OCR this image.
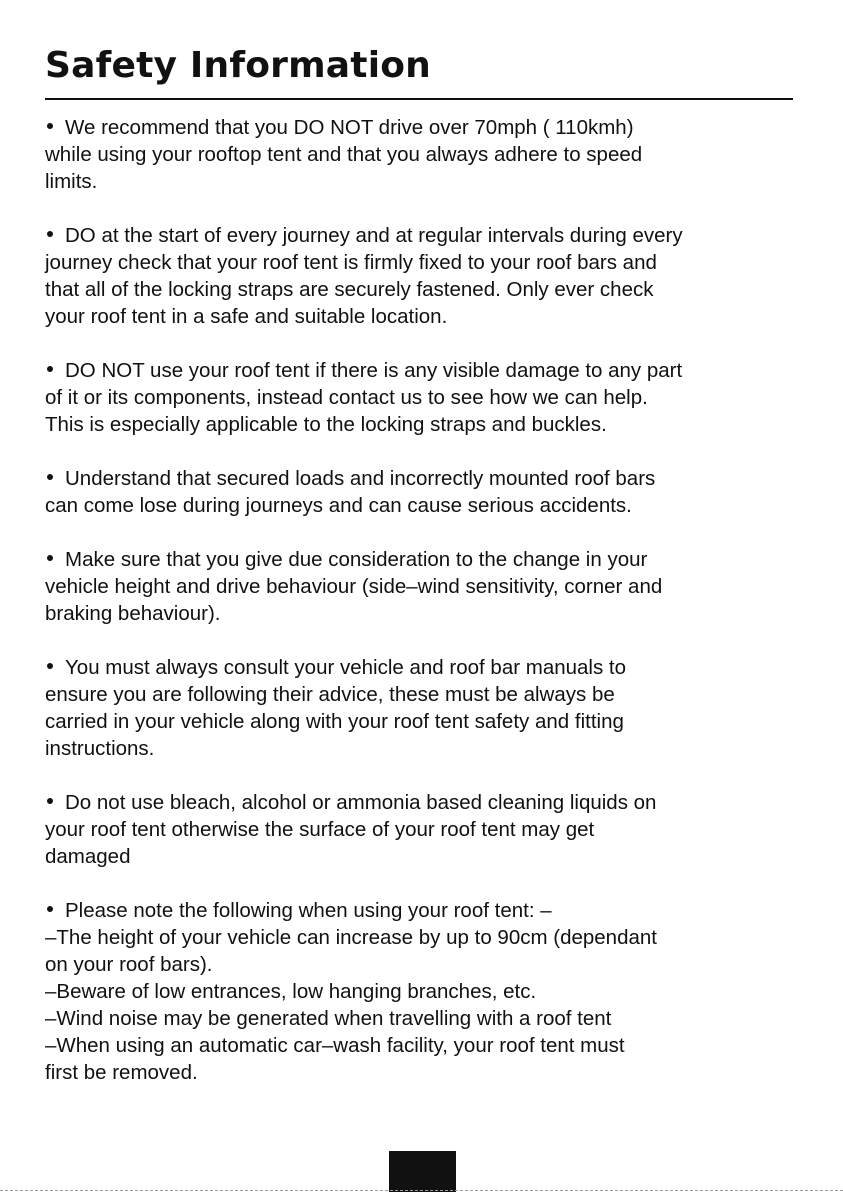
Safety Information

We recommend that you DO NOT drive over 70mph ( 110kmh)
while using your rooftop tent and that you always adhere to speed
limits.

DO at the start of every journey and at regular intervals during every
journey check that your roof tent is firmly fixed to your roof bars and
that all of the locking straps are securely fastened. Only ever check
your roof tent in a safe and suitable location.

DO NOT use your roof tent if there is any visible damage to any part
of it or its components, instead contact us to see how we can help.
This is especially applicable to the locking straps and buckles.

Understand that secured loads and incorrectly mounted roof bars
can come lose during journeys and can cause serious accidents.

Make sure that you give due consideration to the change in your
vehicle height and drive behaviour (side–wind sensitivity, corner and
braking behaviour).

You must always consult your vehicle and roof bar manuals to
ensure you are following their advice, these must be always be
carried in your vehicle along with your roof tent safety and fitting
instructions.

Do not use bleach, alcohol or ammonia based cleaning liquids on
your roof tent otherwise the surface of your roof tent may get
damaged

Please note the following when using your roof tent: –
–The height of your vehicle can increase by up to 90cm (dependant
on your roof bars).
–Beware of low entrances, low hanging branches, etc.
–Wind noise may be generated when travelling with a roof tent
–When using an automatic car–wash facility, your roof tent must
first be removed.
